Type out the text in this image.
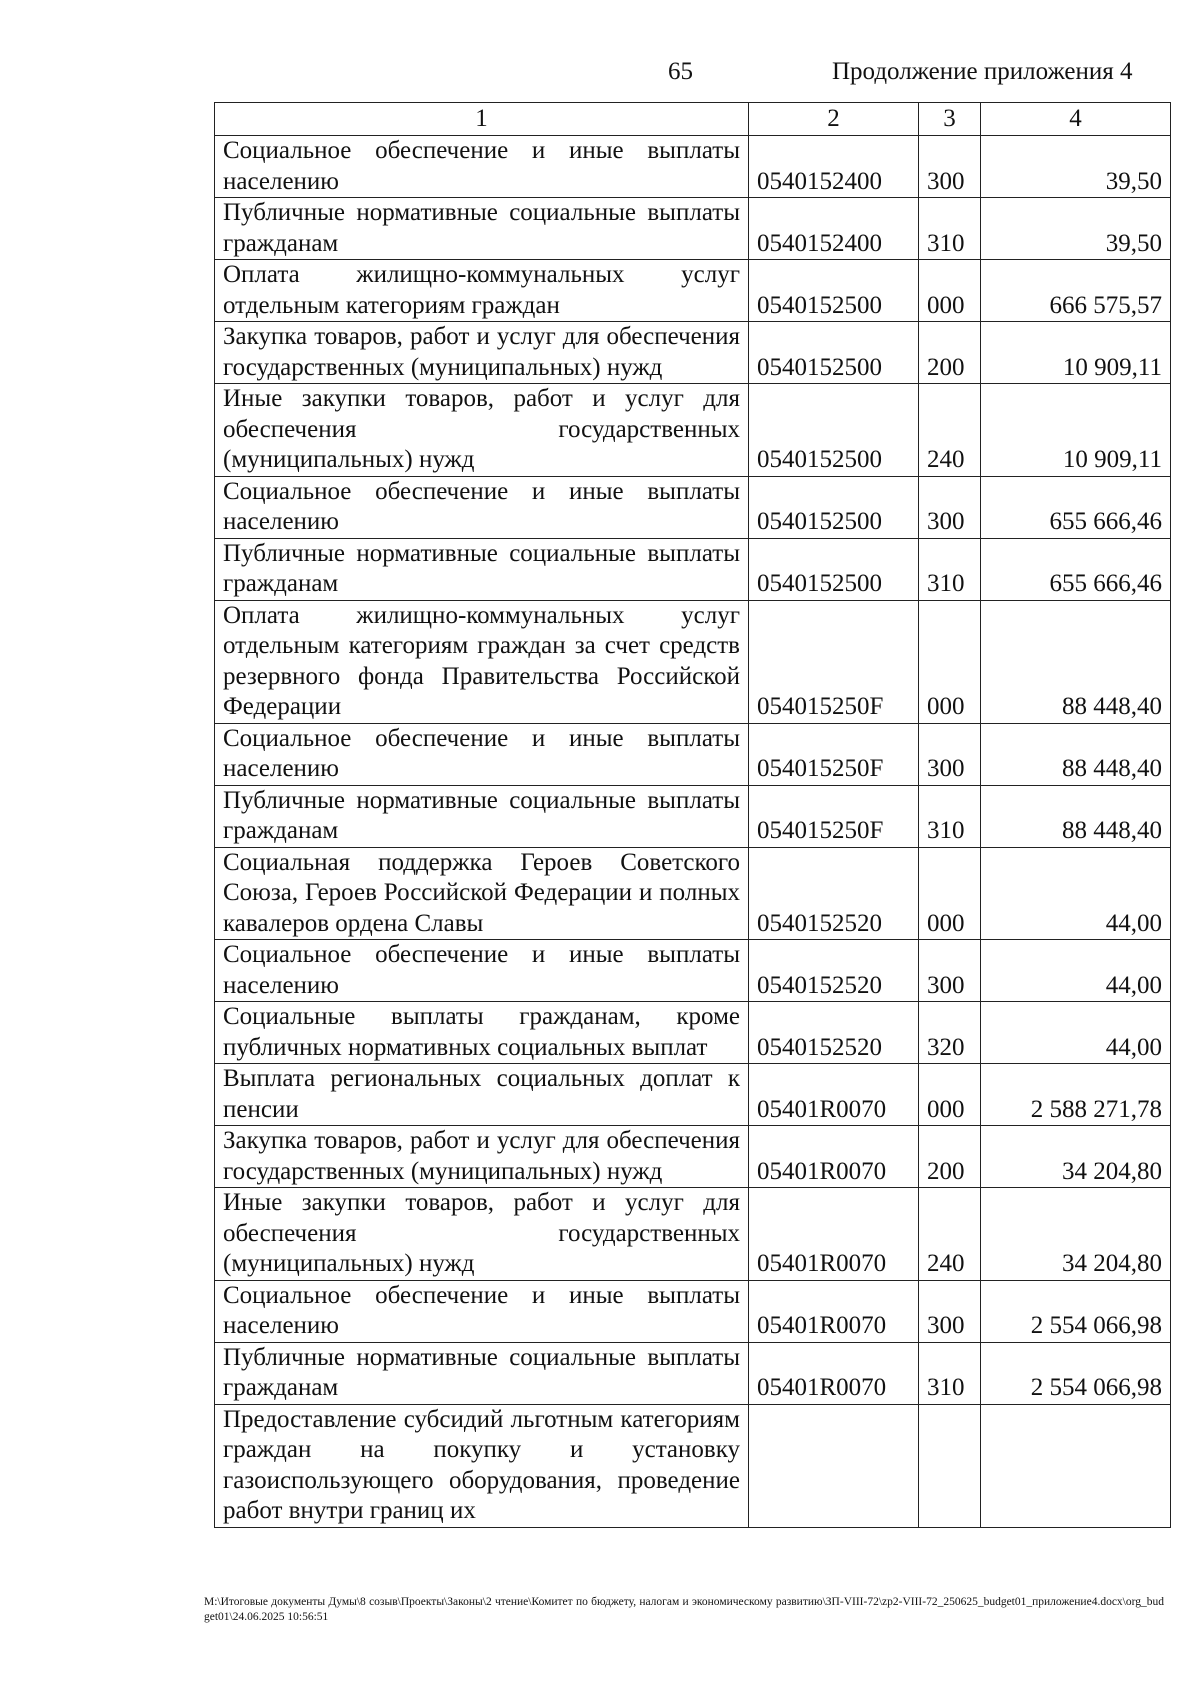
65	Продолжение приложения 4
1	2	3	4
Социальное обеспечение и иные выплаты населению	0540152400	300	39,50
Публичные нормативные социальные выплаты гражданам	0540152400	310	39,50
Оплата жилищно-коммунальных услуг отдельным категориям граждан	0540152500	000	666 575,57
Закупка товаров, работ и услуг для обеспечения государственных (муниципальных) нужд	0540152500	200	10 909,11
Иные закупки товаров, работ и услуг для обеспечения государственных (муниципальных) нужд	0540152500	240	10 909,11
Социальное обеспечение и иные выплаты населению	0540152500	300	655 666,46
Публичные нормативные социальные выплаты гражданам	0540152500	310	655 666,46
Оплата жилищно-коммунальных услуг отдельным категориям граждан за счет средств резервного фонда Правительства Российской Федерации	054015250F	000	88 448,40
Социальное обеспечение и иные выплаты населению	054015250F	300	88 448,40
Публичные нормативные социальные выплаты гражданам	054015250F	310	88 448,40
Социальная поддержка Героев Советского Союза, Героев Российской Федерации и полных кавалеров ордена Славы	0540152520	000	44,00
Социальное обеспечение и иные выплаты населению	0540152520	300	44,00
Социальные выплаты гражданам, кроме публичных нормативных социальных выплат	0540152520	320	44,00
Выплата региональных социальных доплат к пенсии	05401R0070	000	2 588 271,78
Закупка товаров, работ и услуг для обеспечения государственных (муниципальных) нужд	05401R0070	200	34 204,80
Иные закупки товаров, работ и услуг для обеспечения государственных (муниципальных) нужд	05401R0070	240	34 204,80
Социальное обеспечение и иные выплаты населению	05401R0070	300	2 554 066,98
Публичные нормативные социальные выплаты гражданам	05401R0070	310	2 554 066,98
Предоставление субсидий льготным категориям граждан на покупку и установку газоиспользующего оборудования, проведение работ внутри границ их			
М:\Итоговые документы Думы\8 созыв\Проекты\Законы\2 чтение\Комитет по бюджету, налогам и экономическому развитию\ЗП-VIII-72\zp2-VIII-72_250625_budget01_приложение4.docx\org_budget01\24.06.2025 10:56:51
